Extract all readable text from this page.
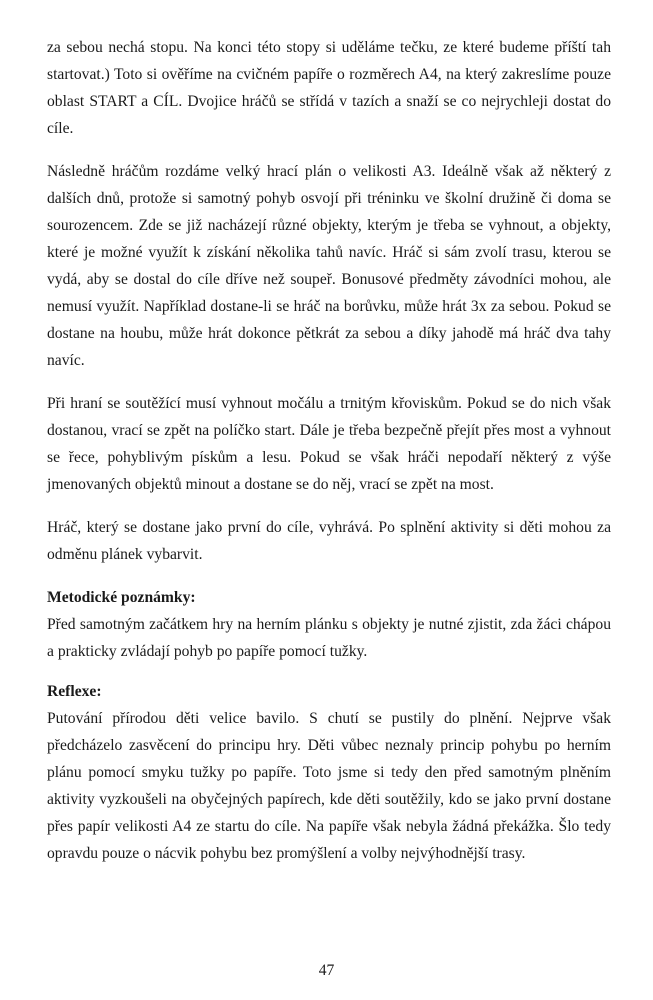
za sebou nechá stopu. Na konci této stopy si uděláme tečku, ze které budeme příští tah startovat.) Toto si ověříme na cvičném papíře o rozměrech A4, na který zakreslíme pouze oblast START a CÍL. Dvojice hráčů se střídá v tazích a snaží se co nejrychleji dostat do cíle.

Následně hráčům rozdáme velký hrací plán o velikosti A3. Ideálně však až některý z dalších dnů, protože si samotný pohyb osvojí při tréninku ve školní družině či doma se sourozencem. Zde se již nacházejí různé objekty, kterým je třeba se vyhnout, a objekty, které je možné využít k získání několika tahů navíc. Hráč si sám zvolí trasu, kterou se vydá, aby se dostal do cíle dříve než soupeř. Bonusové předměty závodníci mohou, ale nemusí využít. Například dostane-li se hráč na borůvku, může hrát 3x za sebou. Pokud se dostane na houbu, může hrát dokonce pětkrát za sebou a díky jahodě má hráč dva tahy navíc.

Při hraní se soutěžící musí vyhnout močálu a trnitým křoviskům. Pokud se do nich však dostanou, vrací se zpět na políčko start. Dále je třeba bezpečně přejít přes most a vyhnout se řece, pohyblivým pískům a lesu. Pokud se však hráči nepodaří některý z výše jmenovaných objektů minout a dostane se do něj, vrací se zpět na most.

Hráč, který se dostane jako první do cíle, vyhrává. Po splnění aktivity si děti mohou za odměnu plánek vybarvit.

Metodické poznámky:

Před samotným začátkem hry na herním plánku s objekty je nutné zjistit, zda žáci chápou a prakticky zvládají pohyb po papíře pomocí tužky.

Reflexe:

Putování přírodou děti velice bavilo. S chutí se pustily do plnění. Nejprve však předcházelo zasvěcení do principu hry. Děti vůbec neznaly princip pohybu po herním plánu pomocí smyku tužky po papíře. Toto jsme si tedy den před samotným plněním aktivity vyzkoušeli na obyčejných papírech, kde děti soutěžily, kdo se jako první dostane přes papír velikosti A4 ze startu do cíle. Na papíře však nebyla žádná překážka. Šlo tedy opravdu pouze o nácvik pohybu bez promýšlení a volby nejvýhodnější trasy.

47
